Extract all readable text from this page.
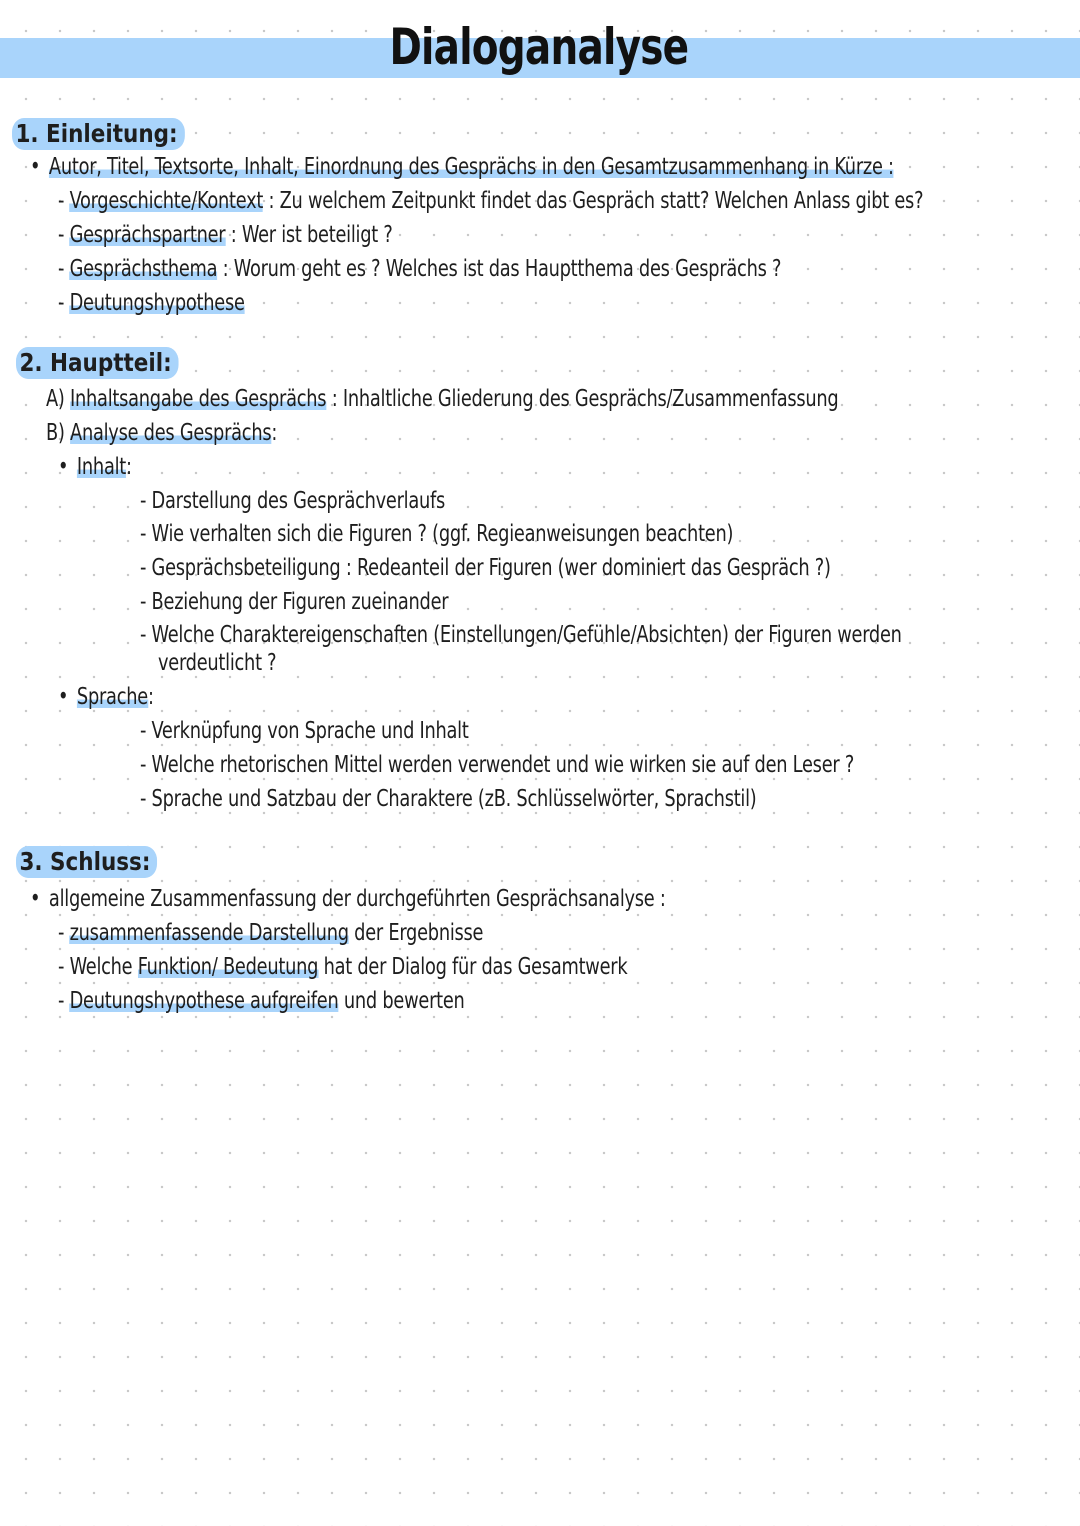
Dialoganalyse
1. Einleitung:
• Autor, Titel, Textsorte, Inhalt, Einordnung des Gesprächs in den Gesamtzusammenhang in Kürze :
- Vorgeschichte/Kontext : Zu welchem Zeitpunkt findet das Gespräch statt? Welchen Anlass gibt es?
- Gesprächspartner : Wer ist beteiligt ?
- Gesprächsthema : Worum geht es ? Welches ist das Hauptthema des Gesprächs ?
- Deutungshypothese
2. Hauptteil:
A) Inhaltsangabe des Gesprächs : Inhaltliche Gliederung des Gesprächs/Zusammenfassung
B) Analyse des Gesprächs:
• Inhalt:
- Darstellung des Gesprächverlaufs
- Wie verhalten sich die Figuren ? (ggf. Regieanweisungen beachten)
- Gesprächsbeteiligung : Redeanteil der Figuren (wer dominiert das Gespräch ?)
- Beziehung der Figuren zueinander
- Welche Charaktereigenschaften (Einstellungen/Gefühle/Absichten) der Figuren werden
verdeutlicht ?
• Sprache:
- Verknüpfung von Sprache und Inhalt
- Welche rhetorischen Mittel werden verwendet und wie wirken sie auf den Leser ?
- Sprache und Satzbau der Charaktere (zB. Schlüsselwörter, Sprachstil)
3. Schluss:
• allgemeine Zusammenfassung der durchgeführten Gesprächsanalyse :
- zusammenfassende Darstellung der Ergebnisse
- Welche Funktion/ Bedeutung hat der Dialog für das Gesamtwerk
- Deutungshypothese aufgreifen und bewerten
